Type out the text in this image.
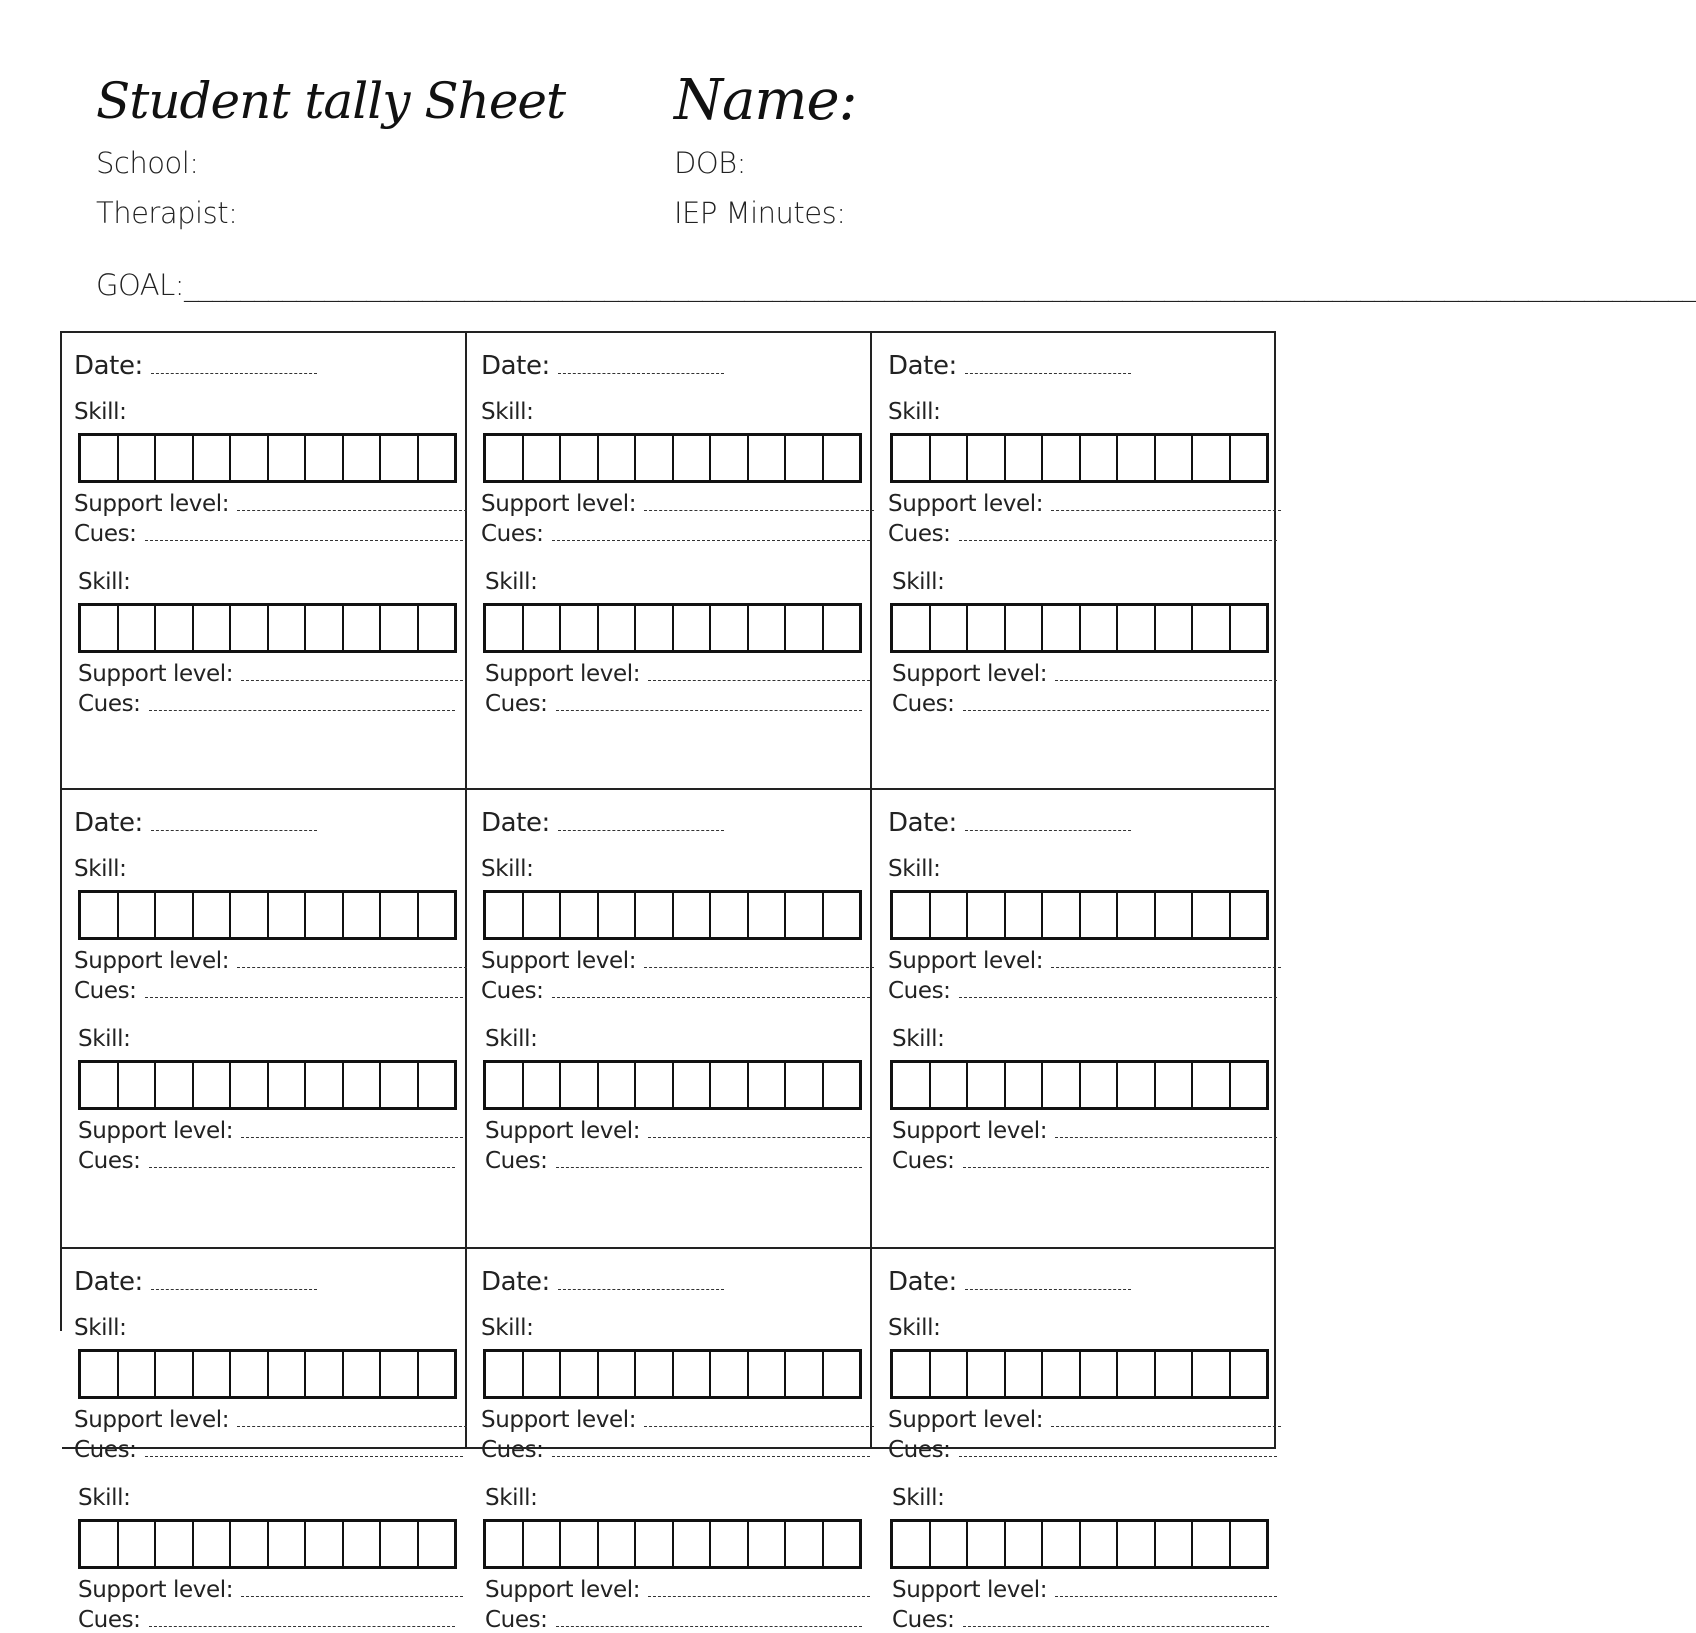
Student tally Sheet Name:
School:	DOB:
Therapist:	IEP Minutes:
GOAL:____________________________________________________________________________________________________________
Date:
Skill:
Support level:
Cues:
Skill:
Support level:
Cues:
Date:
Skill:
Support level:
Cues:
Skill:
Support level:
Cues:
Date:
Skill:
Support level:
Cues:
Skill:
Support level:
Cues:
Date:
Skill:
Support level:
Cues:
Skill:
Support level:
Cues:
Date:
Skill:
Support level:
Cues:
Skill:
Support level:
Cues:
Date:
Skill:
Support level:
Cues:
Skill:
Support level:
Cues:
Date:
Skill:
Support level:
Cues:
Skill:
Support level:
Cues:
Date:
Skill:
Support level:
Cues:
Skill:
Support level:
Cues:
Date:
Skill:
Support level:
Cues:
Skill:
Support level:
Cues:
